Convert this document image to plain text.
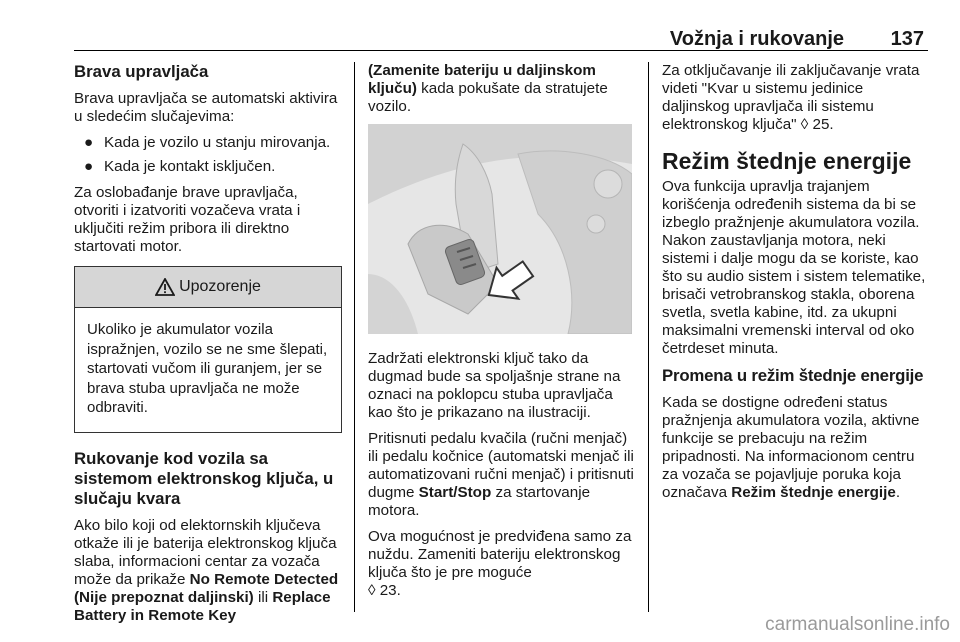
Vožnja i rukovanje 137
Brava upravljača

Brava upravljača se automatski aktivira u sledećim slučajevima:

● Kada je vozilo u stanju mirovanja.
● Kada je kontakt isključen.

Za oslobađanje brave upravljača, otvoriti i izatvoriti vozačeva vrata i uključiti režim pribora ili direktno startovati motor.

Upozorenje

Ukoliko je akumulator vozila ispražnjen, vozilo se ne sme šlepati, startovati vučom ili guranjem, jer se brava stuba upravljača ne može odbraviti.

Rukovanje kod vozila sa sistemom elektronskog ključa, u slučaju kvara

Ako bilo koji od elektornskih ključeva otkaže ili je baterija elektronskog ključa slaba, informacioni centar za vozača može da prikaže No Remote Detected (Nije prepoznat daljinski) ili Replace Battery in Remote Key

(Zamenite bateriju u daljinskom ključu) kada pokušate da stratujete vozilo.

Zadržati elektronski ključ tako da dugmad bude sa spoljašnje strane na oznaci na poklopcu stuba upravljača kao što je prikazano na ilustraciji.

Pritisnuti pedalu kvačila (ručni menjač) ili pedalu kočnice (automatski menjač ili automatizovani ručni menjač) i pritisnuti dugme Start/Stop za startovanje motora.

Ova mogućnost je predviđena samo za nuždu. Zameniti bateriju elektronskog ključa što je pre moguće
◊ 23.

Za otključavanje ili zaključavanje vrata videti "Kvar u sistemu jedinice daljinskog upravljača ili sistemu elektronskog ključa" ◊ 25.

Režim štednje energije

Ova funkcija upravlja trajanjem korišćenja određenih sistema da bi se izbeglo pražnjenje akumulatora vozila. Nakon zaustavljanja motora, neki sistemi i dalje mogu da se koriste, kao što su audio sistem i sistem telematike, brisači vetrobranskog stakla, oborena svetla, svetla kabine, itd. za ukupni maksimalni vremenski interval od oko četrdeset minuta.

Promena u režim štednje energije

Kada se dostigne određeni status pražnjenja akumulatora vozila, aktivne funkcije se prebacuju na režim pripadnosti. Na informacionom centru za vozača se pojavljuje poruka koja označava Režim štednje energije.

carmanualsonline.info
